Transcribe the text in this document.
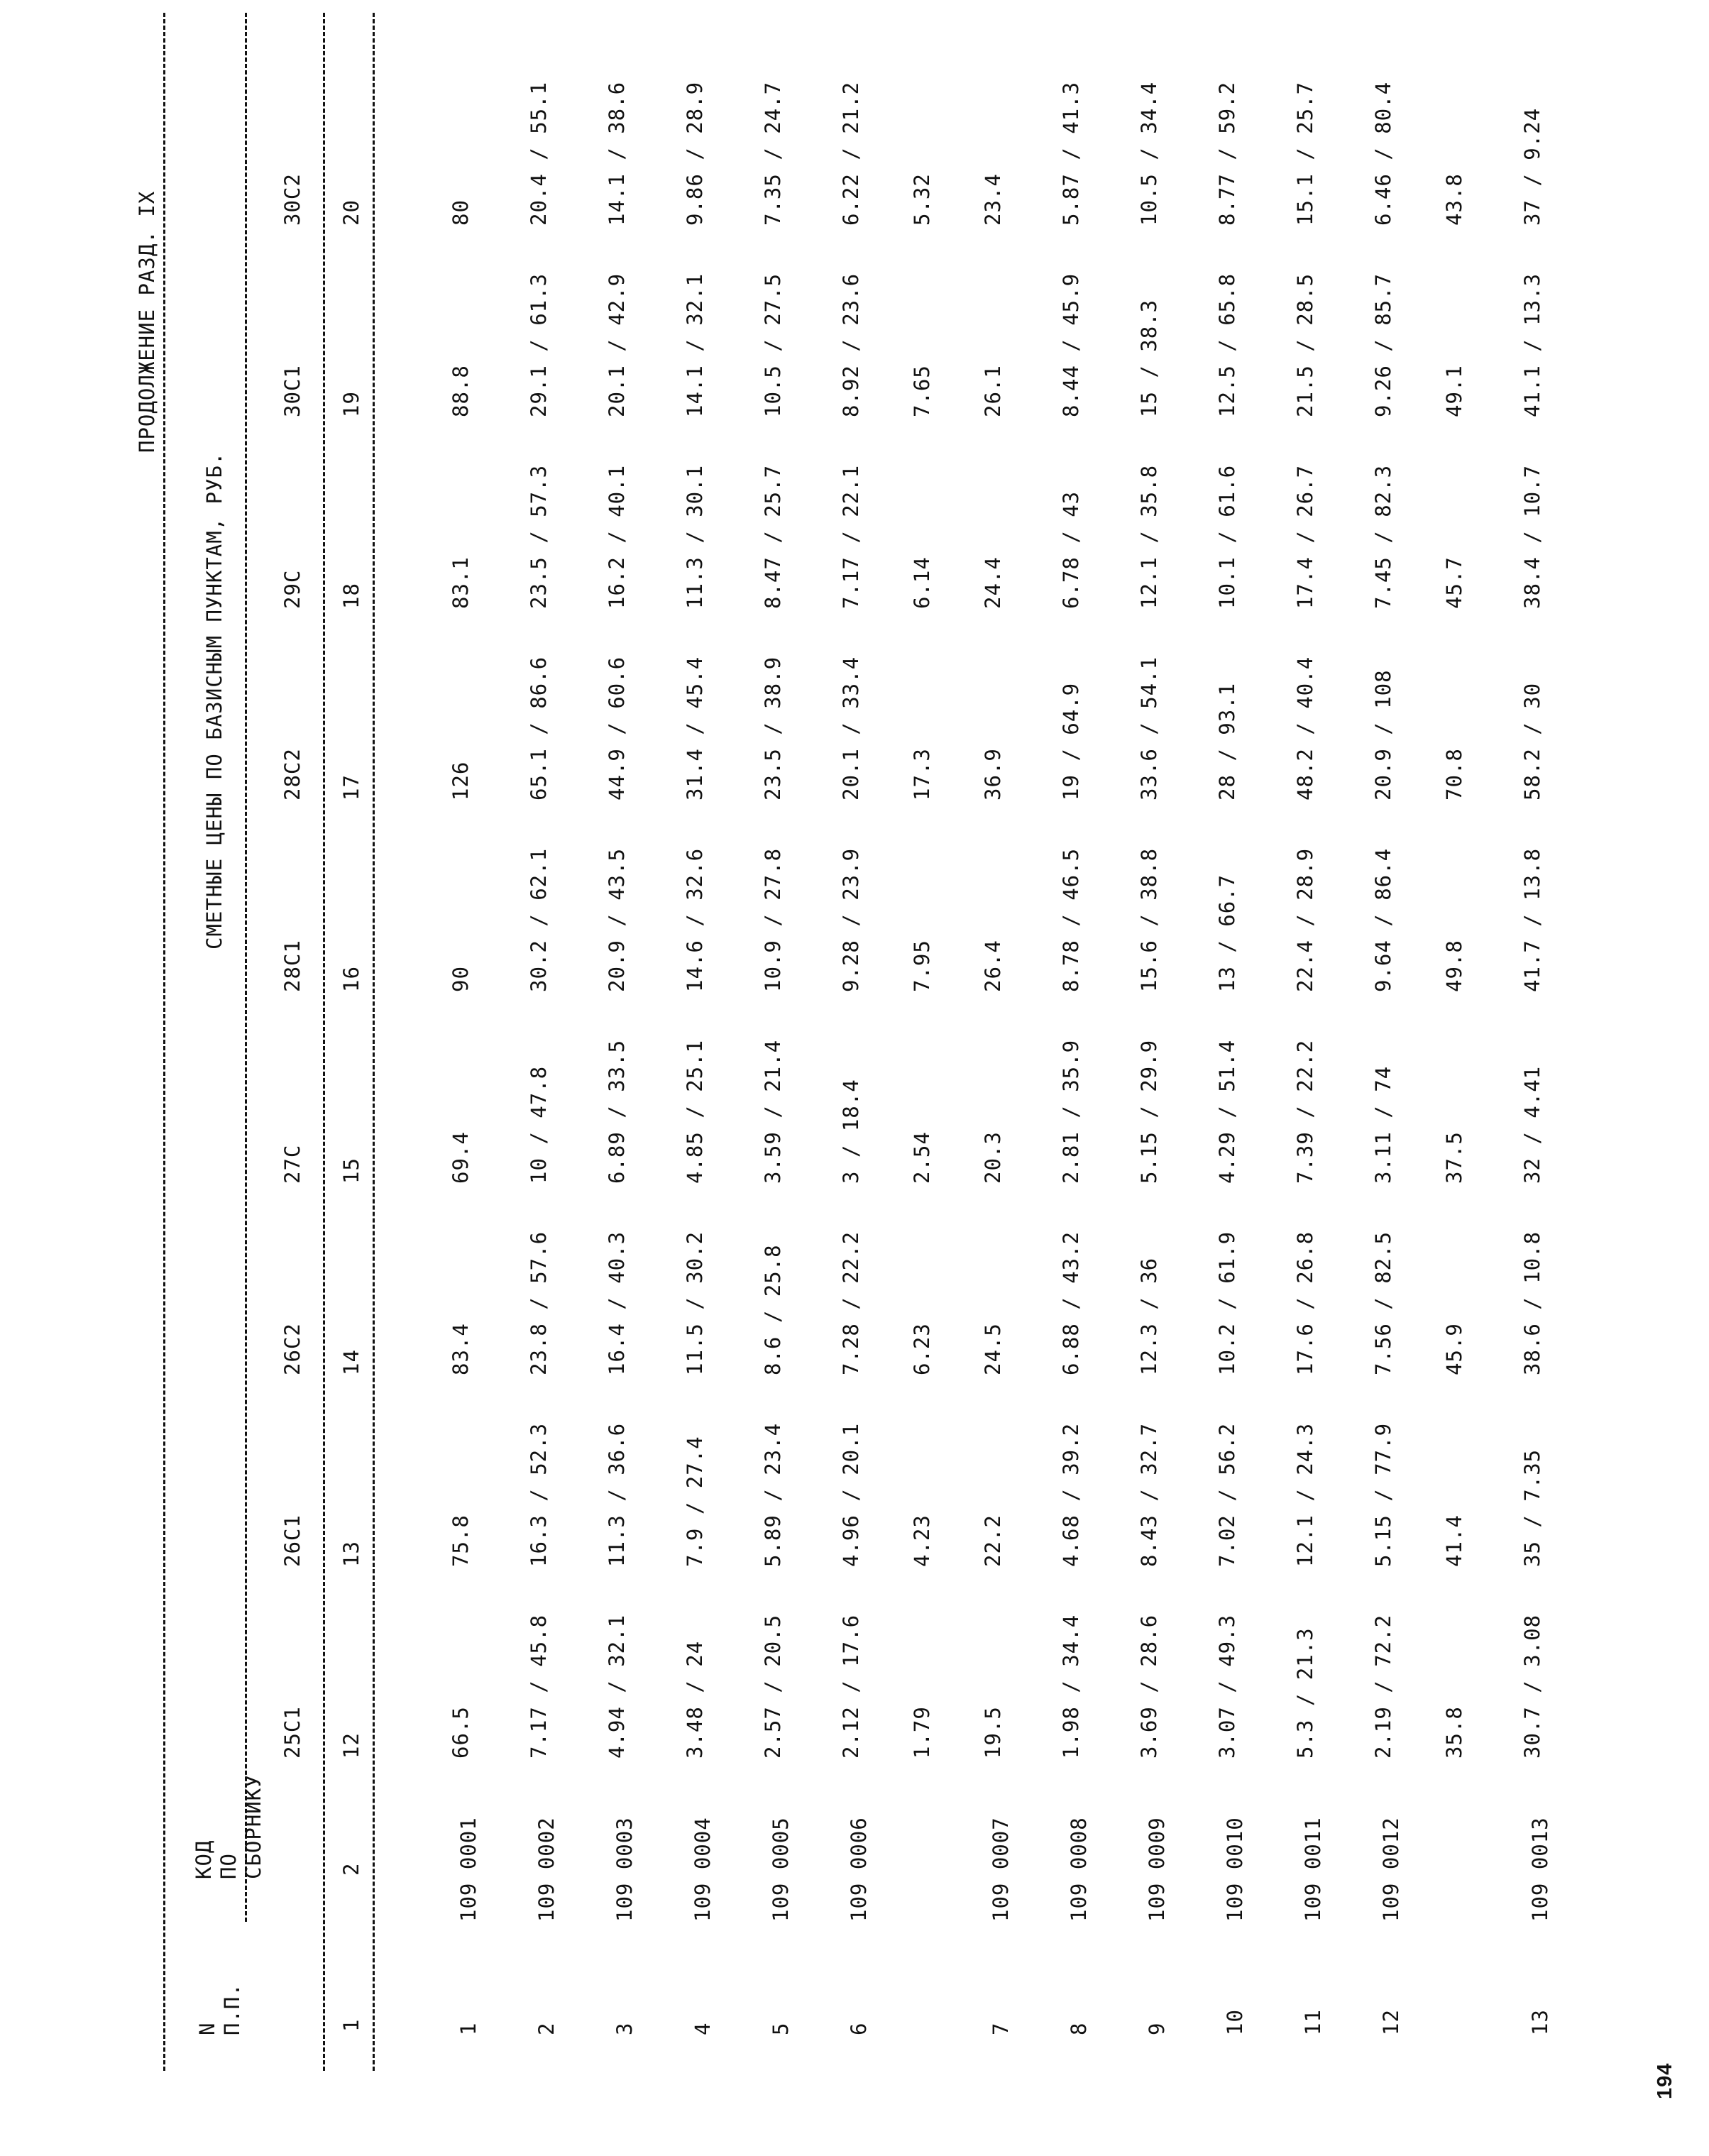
ПРОДОЛЖЕНИЕ РАЗД. IX
N П.П.
КОД ПО СБОРНИКУ
СМЕТНЫЕ ЦЕНЫ ПО БАЗИСНЫМ ПУНКТАМ, РУБ.
1
109 0001
66.5
75.8
83.4
69.4
90
126
83.1
88.8
80
2
109 0002
7.17 / 45.8
16.3 / 52.3
23.8 / 57.6
10 / 47.8
30.2 / 62.1
65.1 / 86.6
23.5 / 57.3
29.1 / 61.3
20.4 / 55.1
3
109 0003
4.94 / 32.1
11.3 / 36.6
16.4 / 40.3
6.89 / 33.5
20.9 / 43.5
44.9 / 60.6
16.2 / 40.1
20.1 / 42.9
14.1 / 38.6
4
109 0004
3.48 / 24
7.9 / 27.4
11.5 / 30.2
4.85 / 25.1
14.6 / 32.6
31.4 / 45.4
11.3 / 30.1
14.1 / 32.1
9.86 / 28.9
5
109 0005
2.57 / 20.5
5.89 / 23.4
8.6 / 25.8
3.59 / 21.4
10.9 / 27.8
23.5 / 38.9
8.47 / 25.7
10.5 / 27.5
7.35 / 24.7
6
109 0006
2.12 / 17.6
4.96 / 20.1
7.28 / 22.2
3 / 18.4
9.28 / 23.9
20.1 / 33.4
7.17 / 22.1
8.92 / 23.6
6.22 / 21.2
1.79
4.23
6.23
2.54
7.95
17.3
6.14
7.65
5.32
7
109 0007
19.5
22.2
24.5
20.3
26.4
36.9
24.4
26.1
23.4
8
109 0008
1.98 / 34.4
4.68 / 39.2
6.88 / 43.2
2.81 / 35.9
8.78 / 46.5
19 / 64.9
6.78 / 43
8.44 / 45.9
5.87 / 41.3
9
109 0009
3.69 / 28.6
8.43 / 32.7
12.3 / 36
5.15 / 29.9
15.6 / 38.8
33.6 / 54.1
12.1 / 35.8
15 / 38.3
10.5 / 34.4
10
109 0010
3.07 / 49.3
7.02 / 56.2
10.2 / 61.9
4.29 / 51.4
13 / 66.7
28 / 93.1
10.1 / 61.6
12.5 / 65.8
8.77 / 59.2
11
109 0011
5.3 / 21.3
12.1 / 24.3
17.6 / 26.8
7.39 / 22.2
22.4 / 28.9
48.2 / 40.4
17.4 / 26.7
21.5 / 28.5
15.1 / 25.7
12
109 0012
2.19 / 72.2
5.15 / 77.9
7.56 / 82.5
3.11 / 74
9.64 / 86.4
20.9 / 108
7.45 / 82.3
9.26 / 85.7
6.46 / 80.4
35.8
41.4
45.9
37.5
49.8
70.8
45.7
49.1
43.8
13
109 0013
30.7 / 3.08
35 / 7.35
38.6 / 10.8
32 / 4.41
41.7 / 13.8
58.2 / 30
38.4 / 10.7
41.1 / 13.3
37 / 9.24
194
25С1
26С1
26С2
27С
28С1
28С2
29С
30С1
30С2
1
2
12
13
14
15
16
17
18
19
20
